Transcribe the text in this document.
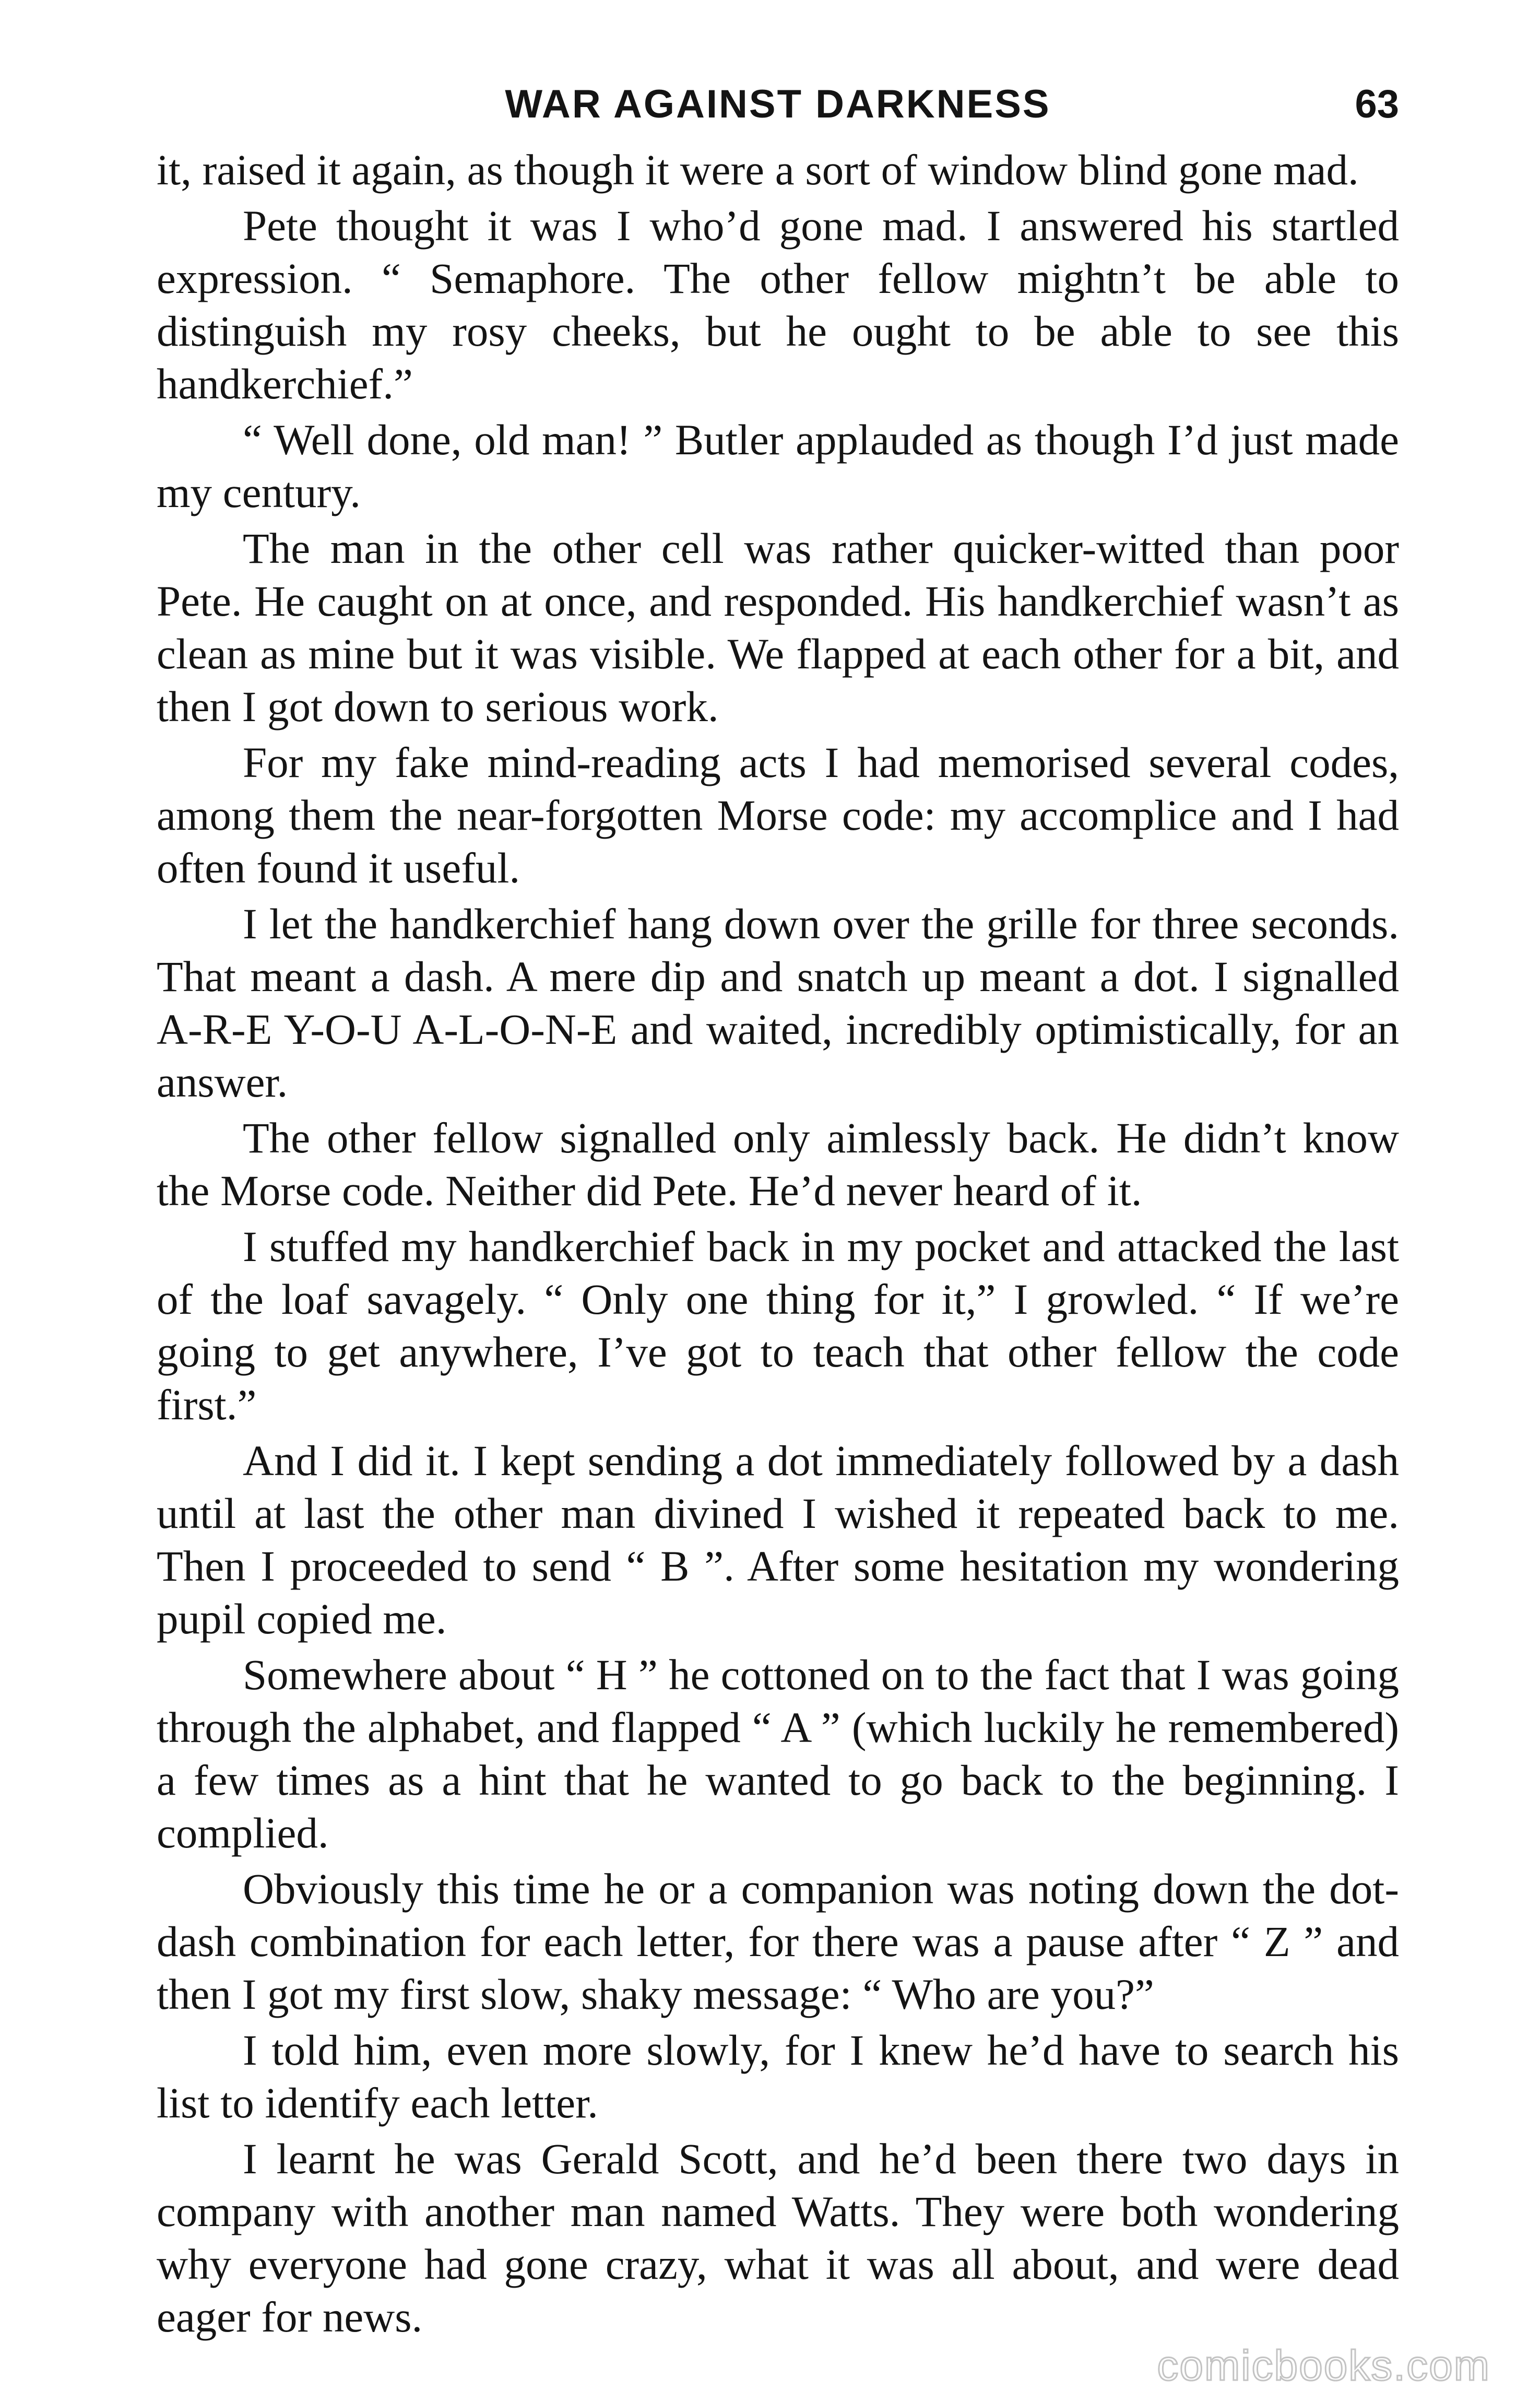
WAR AGAINST DARKNESS	63

it, raised it again, as though it were a sort of window blind gone mad.

Pete thought it was I who’d gone mad. I answered his startled expression. “ Semaphore. The other fellow mightn’t be able to distinguish my rosy cheeks, but he ought to be able to see this handkerchief.”

“ Well done, old man! ” Butler applauded as though I’d just made my century.

The man in the other cell was rather quicker-witted than poor Pete. He caught on at once, and responded. His handkerchief wasn’t as clean as mine but it was visible. We flapped at each other for a bit, and then I got down to serious work.

For my fake mind-reading acts I had memorised several codes, among them the near-forgotten Morse code: my accomplice and I had often found it useful.

I let the handkerchief hang down over the grille for three seconds. That meant a dash. A mere dip and snatch up meant a dot. I signalled A-R-E Y-O-U A-L-O-N-E and waited, incredibly optimistically, for an answer.

The other fellow signalled only aimlessly back. He didn’t know the Morse code. Neither did Pete. He’d never heard of it.

I stuffed my handkerchief back in my pocket and attacked the last of the loaf savagely. “ Only one thing for it,” I growled. “ If we’re going to get anywhere, I’ve got to teach that other fellow the code first.”

And I did it. I kept sending a dot immediately followed by a dash until at last the other man divined I wished it repeated back to me. Then I proceeded to send “ B ”. After some hesitation my wondering pupil copied me.

Somewhere about “ H ” he cottoned on to the fact that I was going through the alphabet, and flapped “ A ” (which luckily he remembered) a few times as a hint that he wanted to go back to the beginning. I complied.

Obviously this time he or a companion was noting down the dot-dash combination for each letter, for there was a pause after “ Z ” and then I got my first slow, shaky message: “ Who are you?”

I told him, even more slowly, for I knew he’d have to search his list to identify each letter.

I learnt he was Gerald Scott, and he’d been there two days in company with another man named Watts. They were both wondering why everyone had gone crazy, what it was all about, and were dead eager for news.

comicbooks.com
